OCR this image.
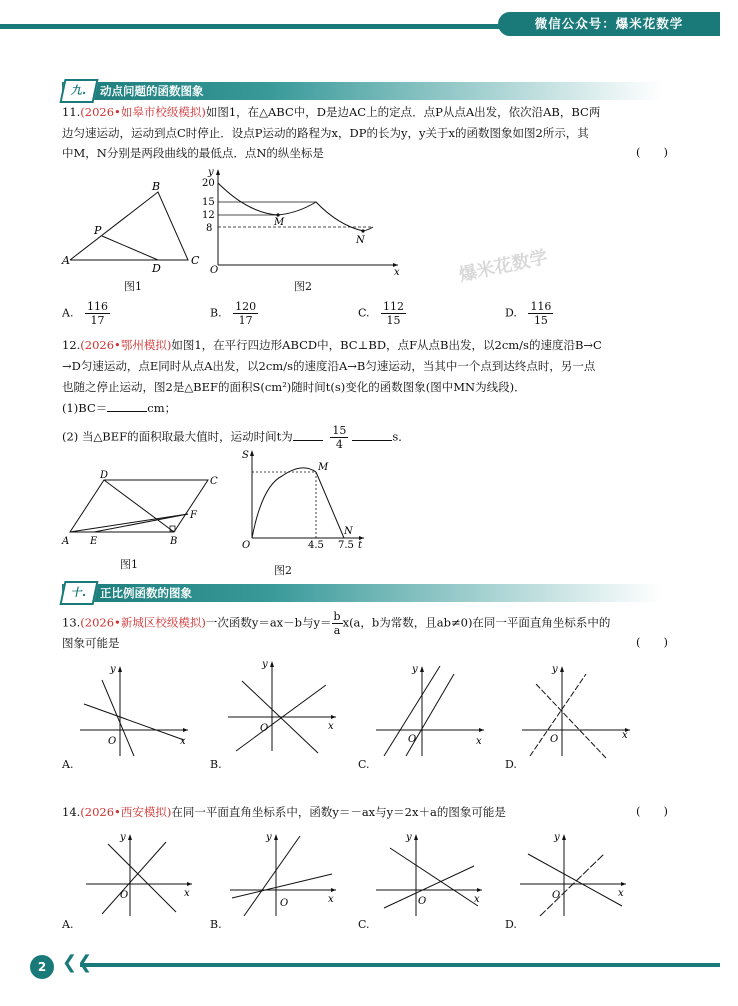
微信公众号：爆米花数学
九.	动点问题的函数图象
11.(2026•如皋市校级模拟)如图1，在△ABC中，D是边AC上的定点．点P从点A出发，依次沿AB，BC两
边匀速运动，运动到点C时停止．设点P运动的路程为x，DP的长为y，y关于x的函数图象如图2所示，其
中M，N分别是两段曲线的最低点．点N的纵坐标是	(　　)
A
B
C
D
P
图1
y
x
O
M
N
20
15
12
8
图2
爆米花数学
A. $\frac{116}{17}$	B. $\frac{120}{17}$	C. $\frac{112}{15}$	D. $\frac{116}{15}$
12.(2026•鄂州模拟)如图1，在平行四边形ABCD中，BC⊥BD，点F从点B出发，以2cm/s的速度沿B→C
→D匀速运动，点E同时从点A出发，以2cm/s的速度沿A→B匀速运动，当其中一个点到达终点时，另一点
也随之停止运动，图2是△BEF的面积S(cm²)随时间t(s)变化的函数图象(图中MN为线段)．
(1)BC＝	cm；
(2) 当△BEF的面积取最大值时，运动时间t为	$\frac{15}{4}$	s．
A	B
C
D
E
F
图1
S
M
N
O	t
4.5 7.5
图2
十.	正比例函数的图象
13.(2026•新城区校级模拟)一次函数y＝ax－b与$y= \frac{b}{a} x(a$，b为常数，且ab≠0)在同一平面直角坐标系中的
图象可能是	(　　)
y
x
O
y
x
O
y
x
O
y
x
O
A.	B.	C.	D.
14.(2026•西安模拟)在同一平面直角坐标系中，函数y＝－ax与y＝2x＋a的图象可能是	(　　)
y
x
O
y
x
O
y
x
O
y
x
O
A.	B.	C.	D.
2 ❮❮
